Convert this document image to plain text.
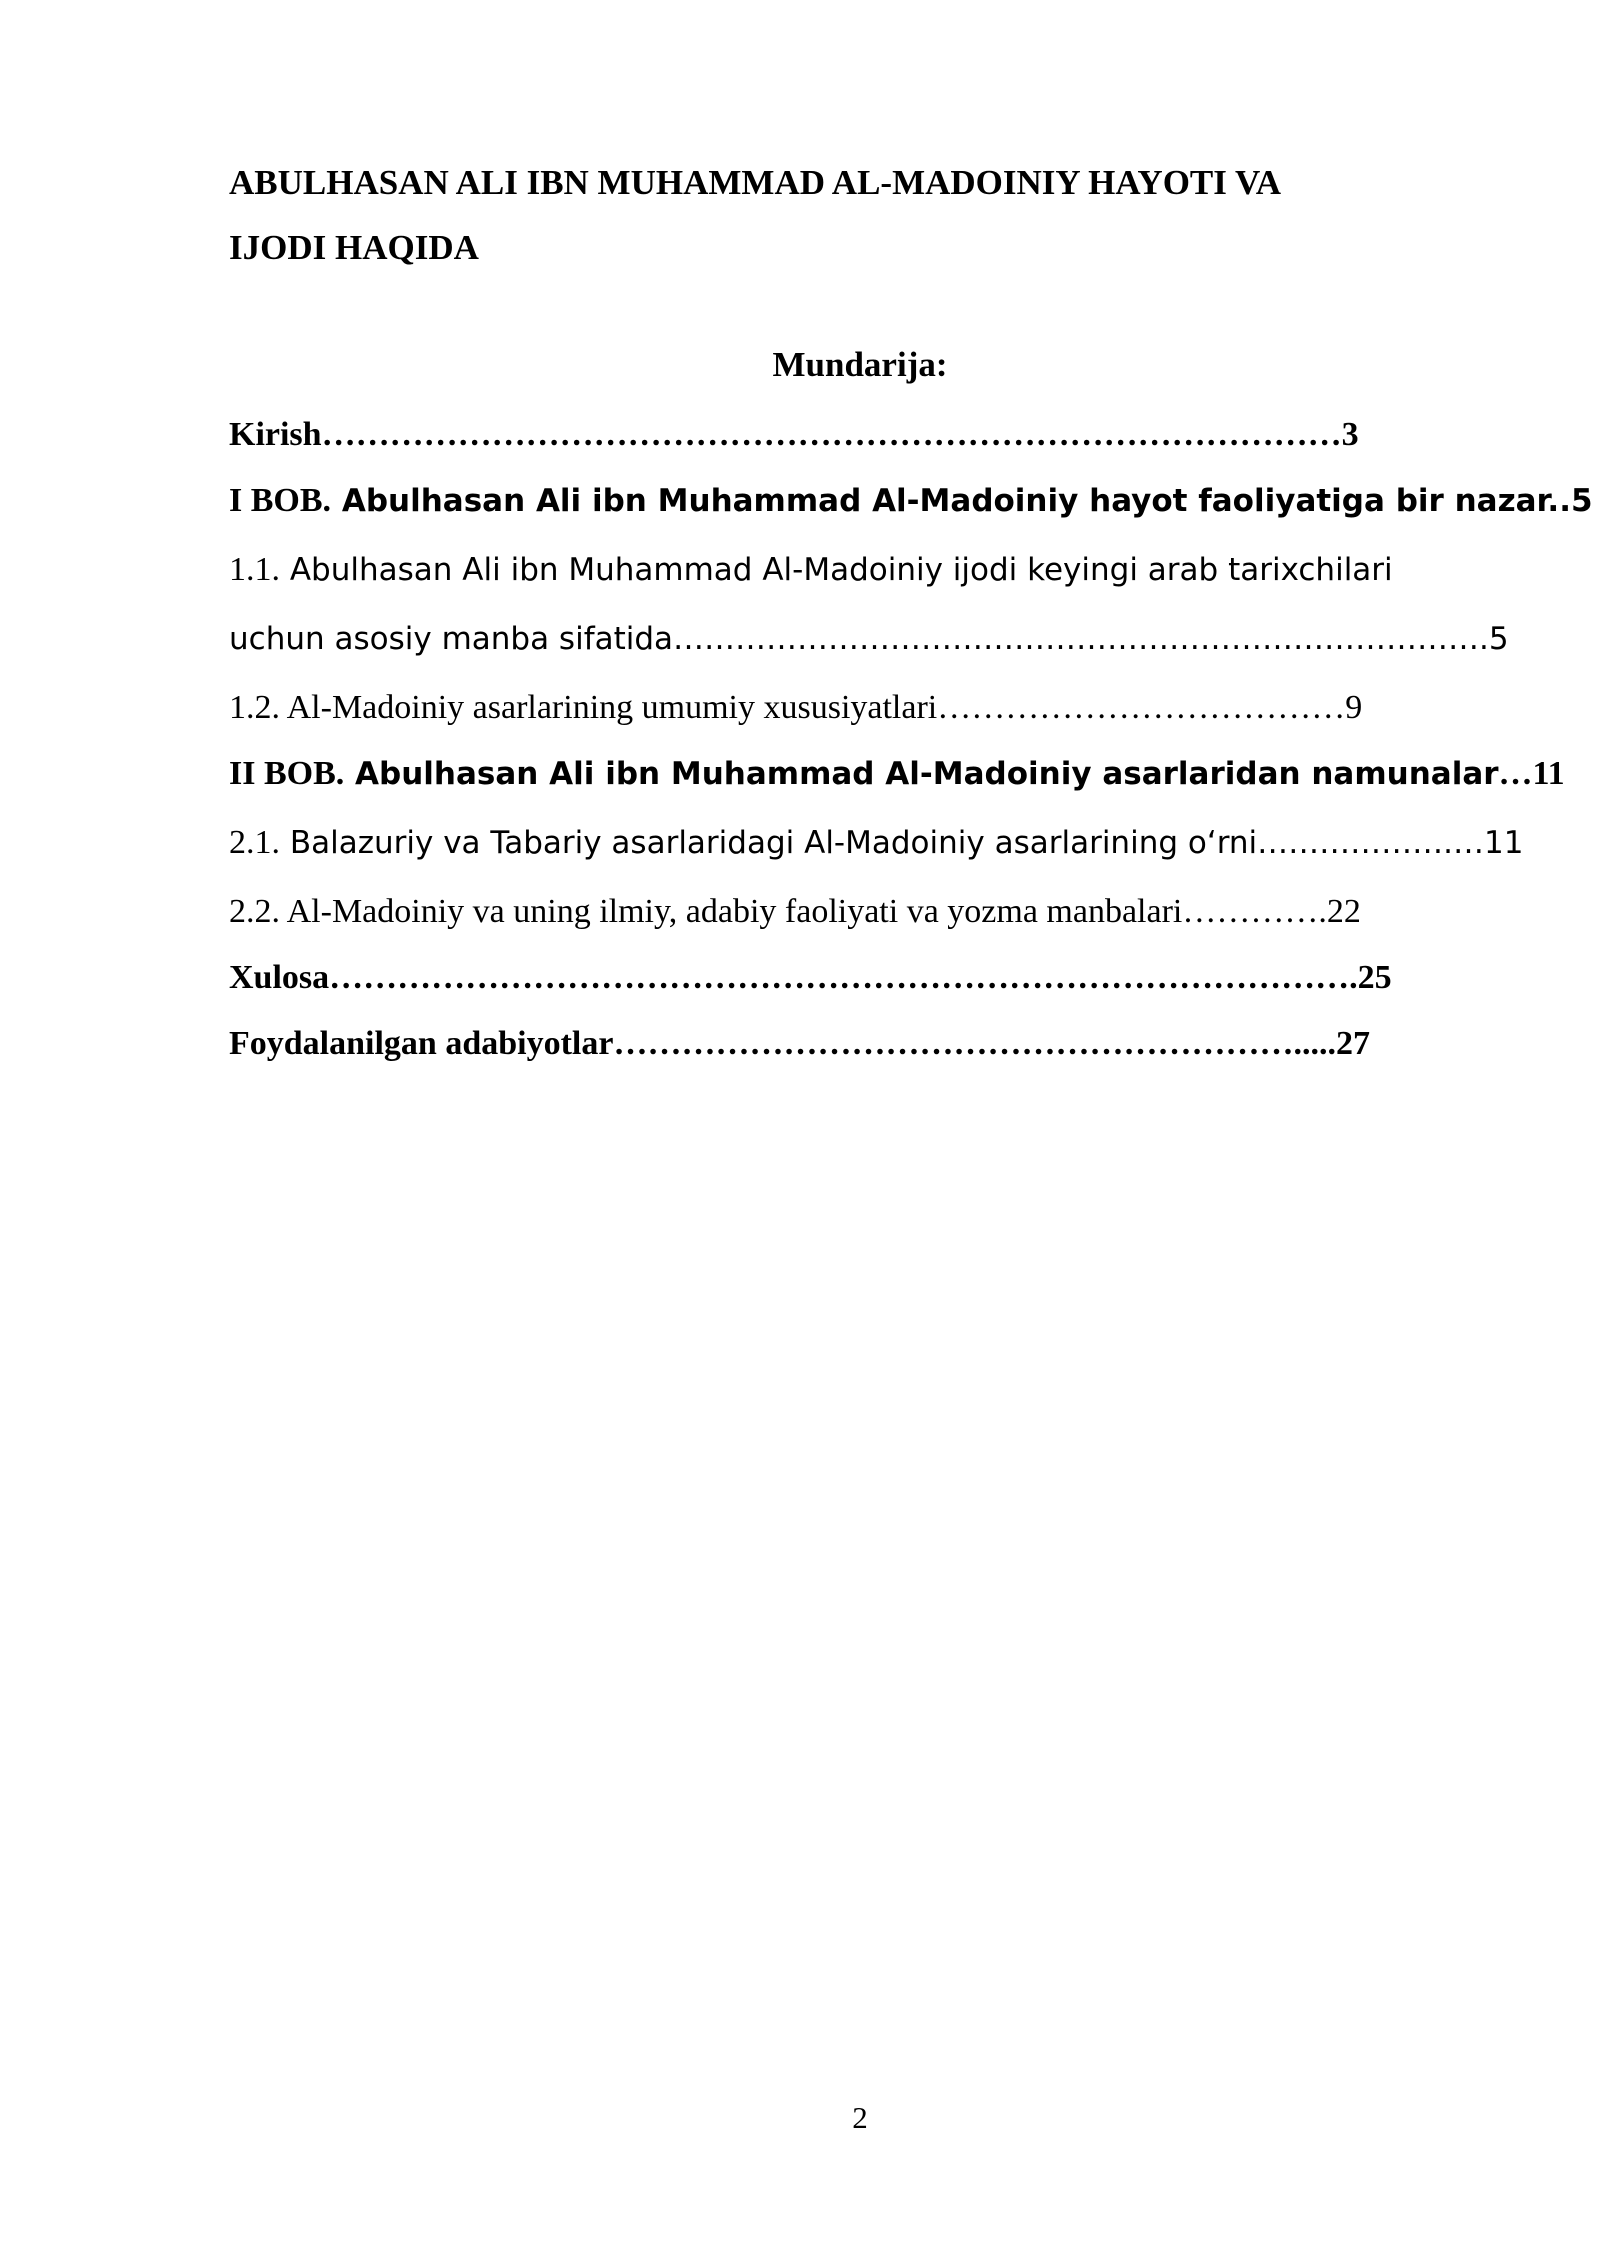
ABULHASAN ALI IBN MUHAMMAD AL-MADOINIY HAYOTI VA
IJODI HAQIDA
Mundarija:
Kirish………………………………………………………………………………3
I BOB. Abulhasan Ali ibn Muhammad Al-Madoiniy hayot faoliyatiga bir nazar..5
1.1. Abulhasan Ali ibn Muhammad Al-Madoiniy ijodi keyingi arab tarixchilari
uchun asosiy manba sifatida…………………………………………………………………….5
1.2. Al-Madoiniy asarlarining umumiy xususiyatlari………………………………9
II BOB. Abulhasan Ali ibn Muhammad Al-Madoiniy asarlaridan namunalar…11
2.1. Balazuriy va Tabariy asarlaridagi Al-Madoiniy asarlarining oʻrni……………….…11
2.2. Al-Madoiniy va uning ilmiy, adabiy faoliyati va yozma manbalari………….22
Xulosa……………………………………………………………………………….25
Foydalanilgan adabiyotlar…………………………………………………….....27
2
